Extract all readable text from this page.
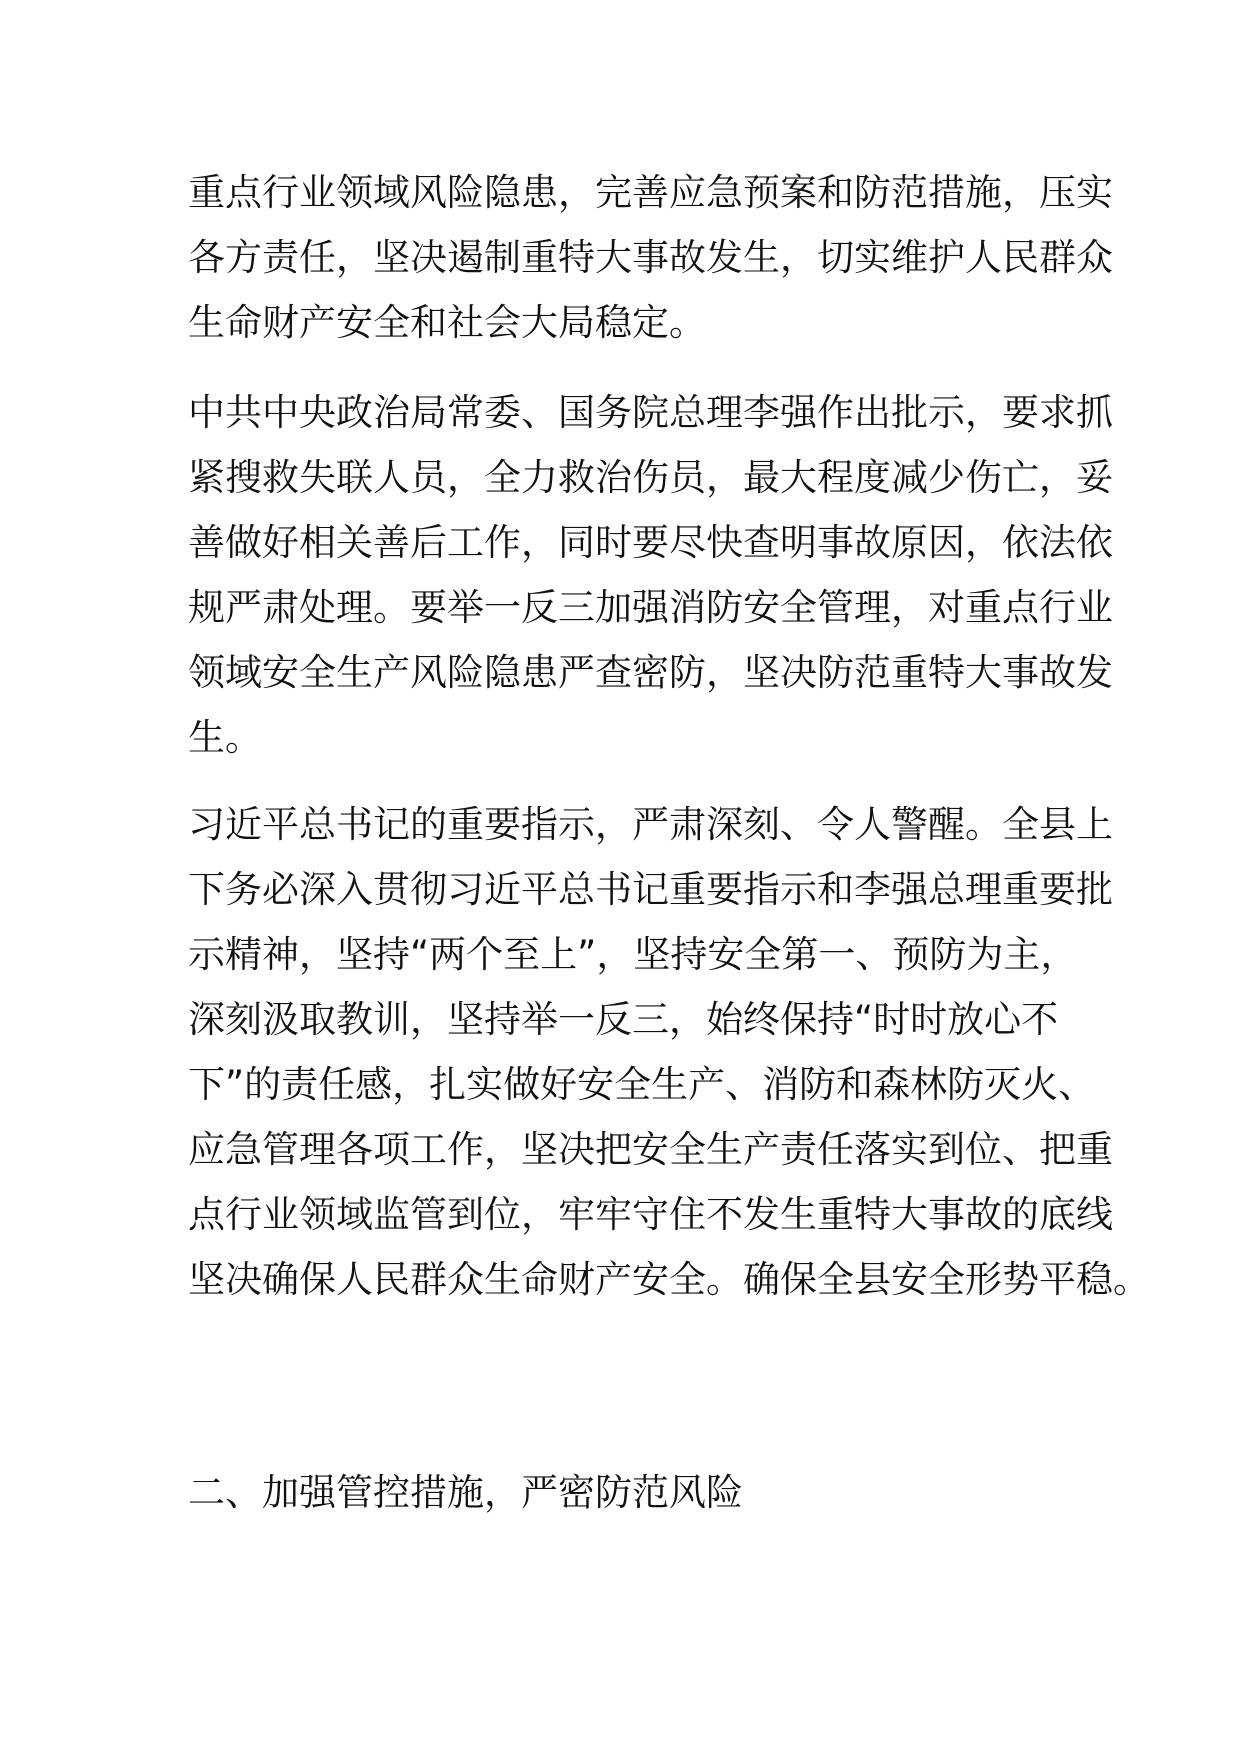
重点行业领域风险隐患，完善应急预案和防范措施，压实
各方责任，坚决遏制重特大事故发生，切实维护人民群众
生命财产安全和社会大局稳定。
中共中央政治局常委、国务院总理李强作出批示，要求抓
紧搜救失联人员，全力救治伤员，最大程度减少伤亡，妥
善做好相关善后工作，同时要尽快查明事故原因，依法依
规严肃处理。要举一反三加强消防安全管理，对重点行业
领域安全生产风险隐患严查密防，坚决防范重特大事故发
生。
习近平总书记的重要指示，严肃深刻、令人警醒。全县上
下务必深入贯彻习近平总书记重要指示和李强总理重要批
示精神，坚持“两个至上”，坚持安全第一、预防为主，
深刻汲取教训，坚持举一反三，始终保持“时时放心不
下”的责任感，扎实做好安全生产、消防和森林防灭火、
应急管理各项工作，坚决把安全生产责任落实到位、把重
点行业领域监管到位，牢牢守住不发生重特大事故的底线
坚决确保人民群众生命财产安全。确保全县安全形势平稳。
二、加强管控措施，严密防范风险
